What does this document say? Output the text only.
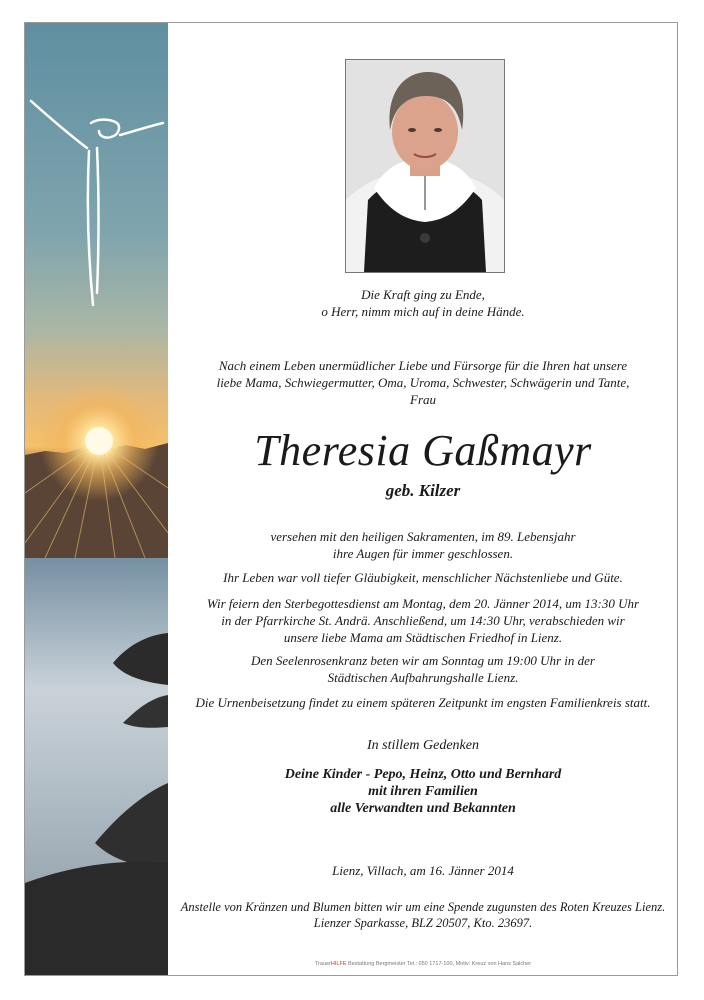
Die Kraft ging zu Ende,
o Herr, nimm mich auf in deine Hände.
Nach einem Leben unermüdlicher Liebe und Fürsorge für die Ihren hat unsere
liebe Mama, Schwiegermutter, Oma, Uroma, Schwester, Schwägerin und Tante,
Frau
Theresia Gaßmayr
geb. Kilzer
versehen mit den heiligen Sakramenten, im 89. Lebensjahr
ihre Augen für immer geschlossen.
Ihr Leben war voll tiefer Gläubigkeit, menschlicher Nächstenliebe und Güte.
Wir feiern den Sterbegottesdienst am Montag, dem 20. Jänner 2014, um 13:30 Uhr
in der Pfarrkirche St. Andrä. Anschließend, um 14:30 Uhr, verabschieden wir
unsere liebe Mama am Städtischen Friedhof in Lienz.
Den Seelenrosenkranz beten wir am Sonntag um 19:00 Uhr in der
Städtischen Aufbahrungshalle Lienz.
Die Urnenbeisetzung findet zu einem späteren Zeitpunkt im engsten Familienkreis statt.
In stillem Gedenken
Deine Kinder - Pepo, Heinz, Otto und Bernhard
mit ihren Familien
alle Verwandten und Bekannten
Lienz, Villach, am 16. Jänner 2014
Anstelle von Kränzen und Blumen bitten wir um eine Spende zugunsten des Roten Kreuzes Lienz.
Lienzer Sparkasse, BLZ 20507, Kto. 23697.
TrauerHILFE Bestattung Bergmeister Tel.: 050 1717-100, Motiv: Kreuz von Hans Salcher
